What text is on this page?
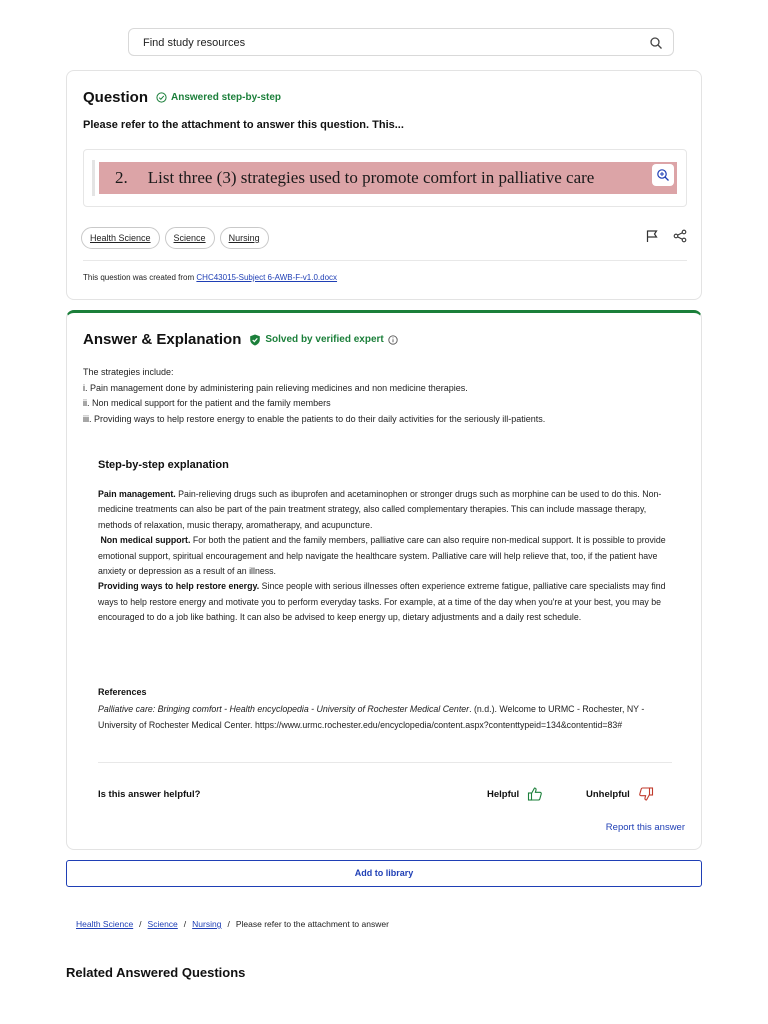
Find study resources
Question Answered step-by-step
Please refer to the attachment to answer this question. This...
2. List three (3) strategies used to promote comfort in palliative care
Health Science	Science	Nursing
This question was created from CHC43015-Subject 6-AWB-F-v1.0.docx
Answer & Explanation Solved by verified expert
The strategies include:
i. Pain management done by administering pain relieving medicines and non medicine therapies.
ii. Non medical support for the patient and the family members
iii. Providing ways to help restore energy to enable the patients to do their daily activities for the seriously ill-patients.
Step-by-step explanation
Pain management. Pain-relieving drugs such as ibuprofen and acetaminophen or stronger drugs such as morphine can be used to do this. Non-medicine treatments can also be part of the pain treatment strategy, also called complementary therapies. This can include massage therapy, methods of relaxation, music therapy, aromatherapy, and acupuncture.
Non medical support. For both the patient and the family members, palliative care can also require non-medical support. It is possible to provide emotional support, spiritual encouragement and help navigate the healthcare system. Palliative care will help relieve that, too, if the patient have anxiety or depression as a result of an illness.
Providing ways to help restore energy. Since people with serious illnesses often experience extreme fatigue, palliative care specialists may find ways to help restore energy and motivate you to perform everyday tasks. For example, at a time of the day when you're at your best, you may be encouraged to do a job like bathing. It can also be advised to keep energy up, dietary adjustments and a daily rest schedule.
References
Palliative care: Bringing comfort - Health encyclopedia - University of Rochester Medical Center. (n.d.). Welcome to URMC - Rochester, NY - University of Rochester Medical Center. https://www.urmc.rochester.edu/encyclopedia/content.aspx?contenttypeid=134&contentid=83#
Is this answer helpful?	Helpful	Unhelpful
Report this answer
Add to library
Health Science / Science / Nursing / Please refer to the attachment to answer
Related Answered Questions
